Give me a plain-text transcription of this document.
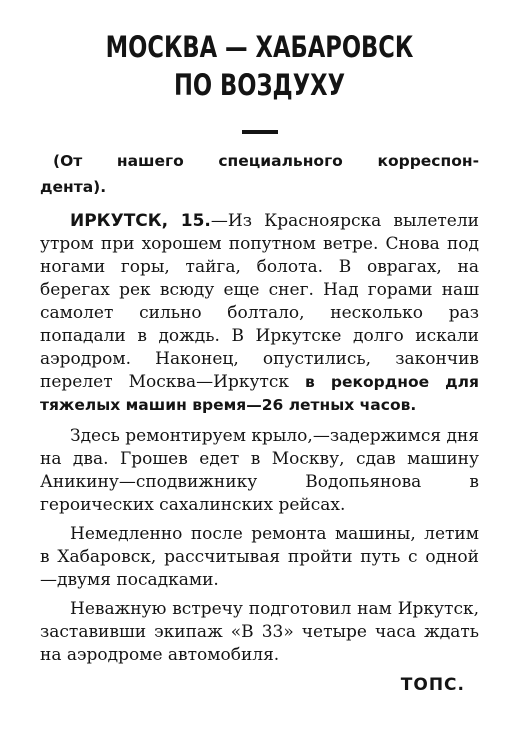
МОСКВА — ХАБАРОВСК
ПО ВОЗДУХУ
(От нашего специального корреспон-
дента).

ИРКУТСК, 15.—Из Красноярска вылетели утром при хорошем попутном ветре. Снова под ногами горы, тайга, болота. В оврагах, на берегах рек всюду еще снег. Над горами наш самолет сильно болтало, несколько раз попадали в дождь. В Иркутске долго искали аэродром. Наконец, опустились, закончив перелет Москва—Иркутск в рекордное для тяжелых машин время—26 летных часов.

Здесь ремонтируем крыло,—задержимся дня на два. Грошев едет в Москву, сдав машину Аникину—сподвижнику Водопьянова в героических сахалинских рейсах.

Немедленно после ремонта машины, летим в Хабаровск, рассчитывая пройти путь с одной—двумя посадками.

Неважную встречу подготовил нам Иркутск, заставивши экипаж «В 33» четыре часа ждать на аэродроме автомобиля.

ТОПС.
